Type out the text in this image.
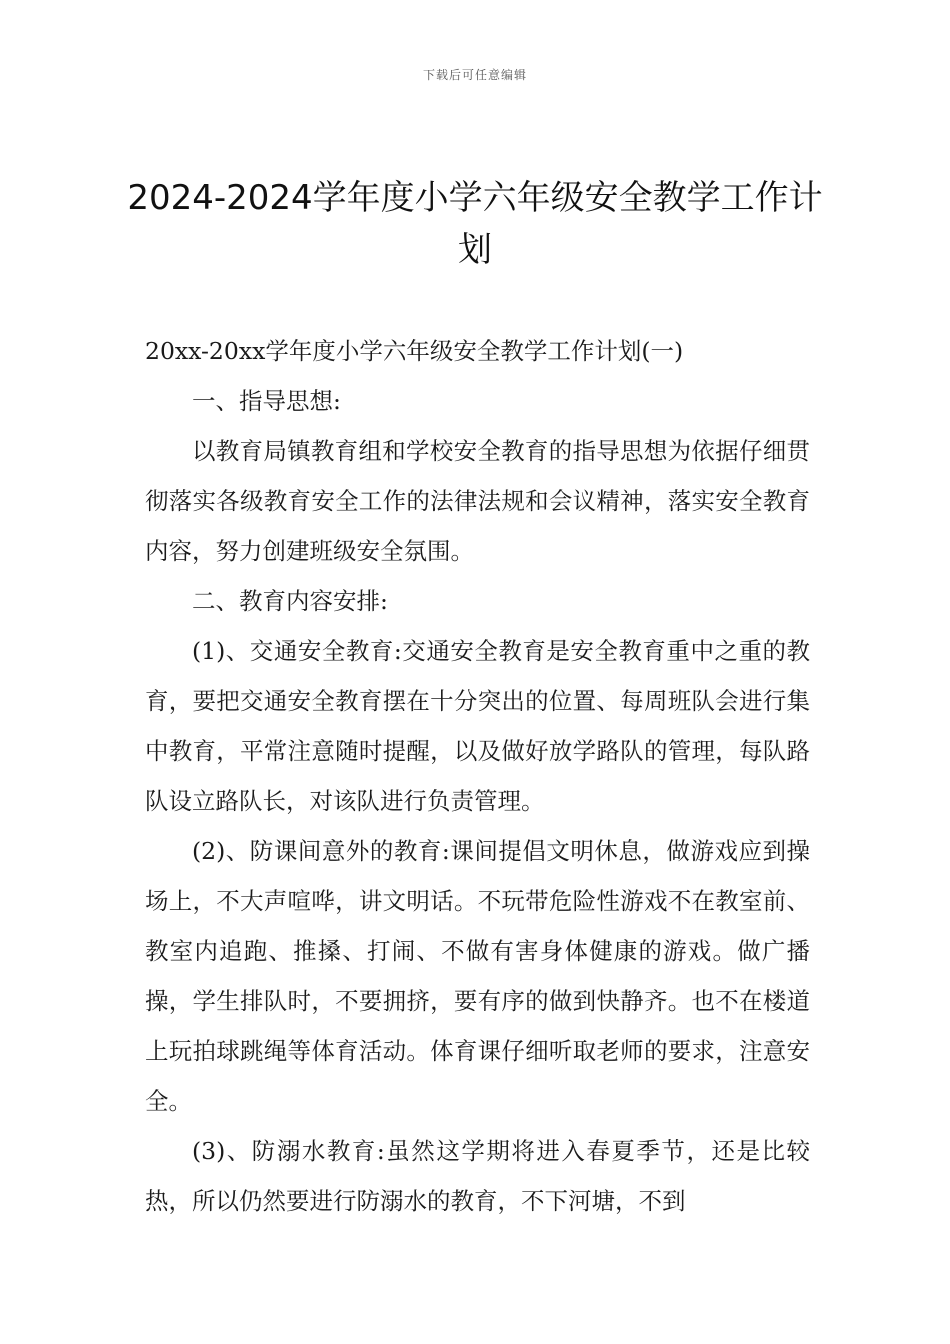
下载后可任意编辑
2024-2024学年度小学六年级安全教学工作计划

20xx-20xx学年度小学六年级安全教学工作计划(一)

一、指导思想:

以教育局镇教育组和学校安全教育的指导思想为依据仔细贯彻落实各级教育安全工作的法律法规和会议精神，落实安全教育内容，努力创建班级安全氛围。

二、教育内容安排:

(1)、交通安全教育:交通安全教育是安全教育重中之重的教育，要把交通安全教育摆在十分突出的位置、每周班队会进行集中教育，平常注意随时提醒，以及做好放学路队的管理，每队路队设立路队长，对该队进行负责管理。

(2)、防课间意外的教育:课间提倡文明休息，做游戏应到操场上，不大声喧哗，讲文明话。不玩带危险性游戏不在教室前、教室内追跑、推搡、打闹、不做有害身体健康的游戏。做广播操，学生排队时，不要拥挤，要有序的做到快静齐。也不在楼道上玩拍球跳绳等体育活动。体育课仔细听取老师的要求，注意安全。

(3)、防溺水教育:虽然这学期将进入春夏季节，还是比较热，所以仍然要进行防溺水的教育，不下河塘，不到
